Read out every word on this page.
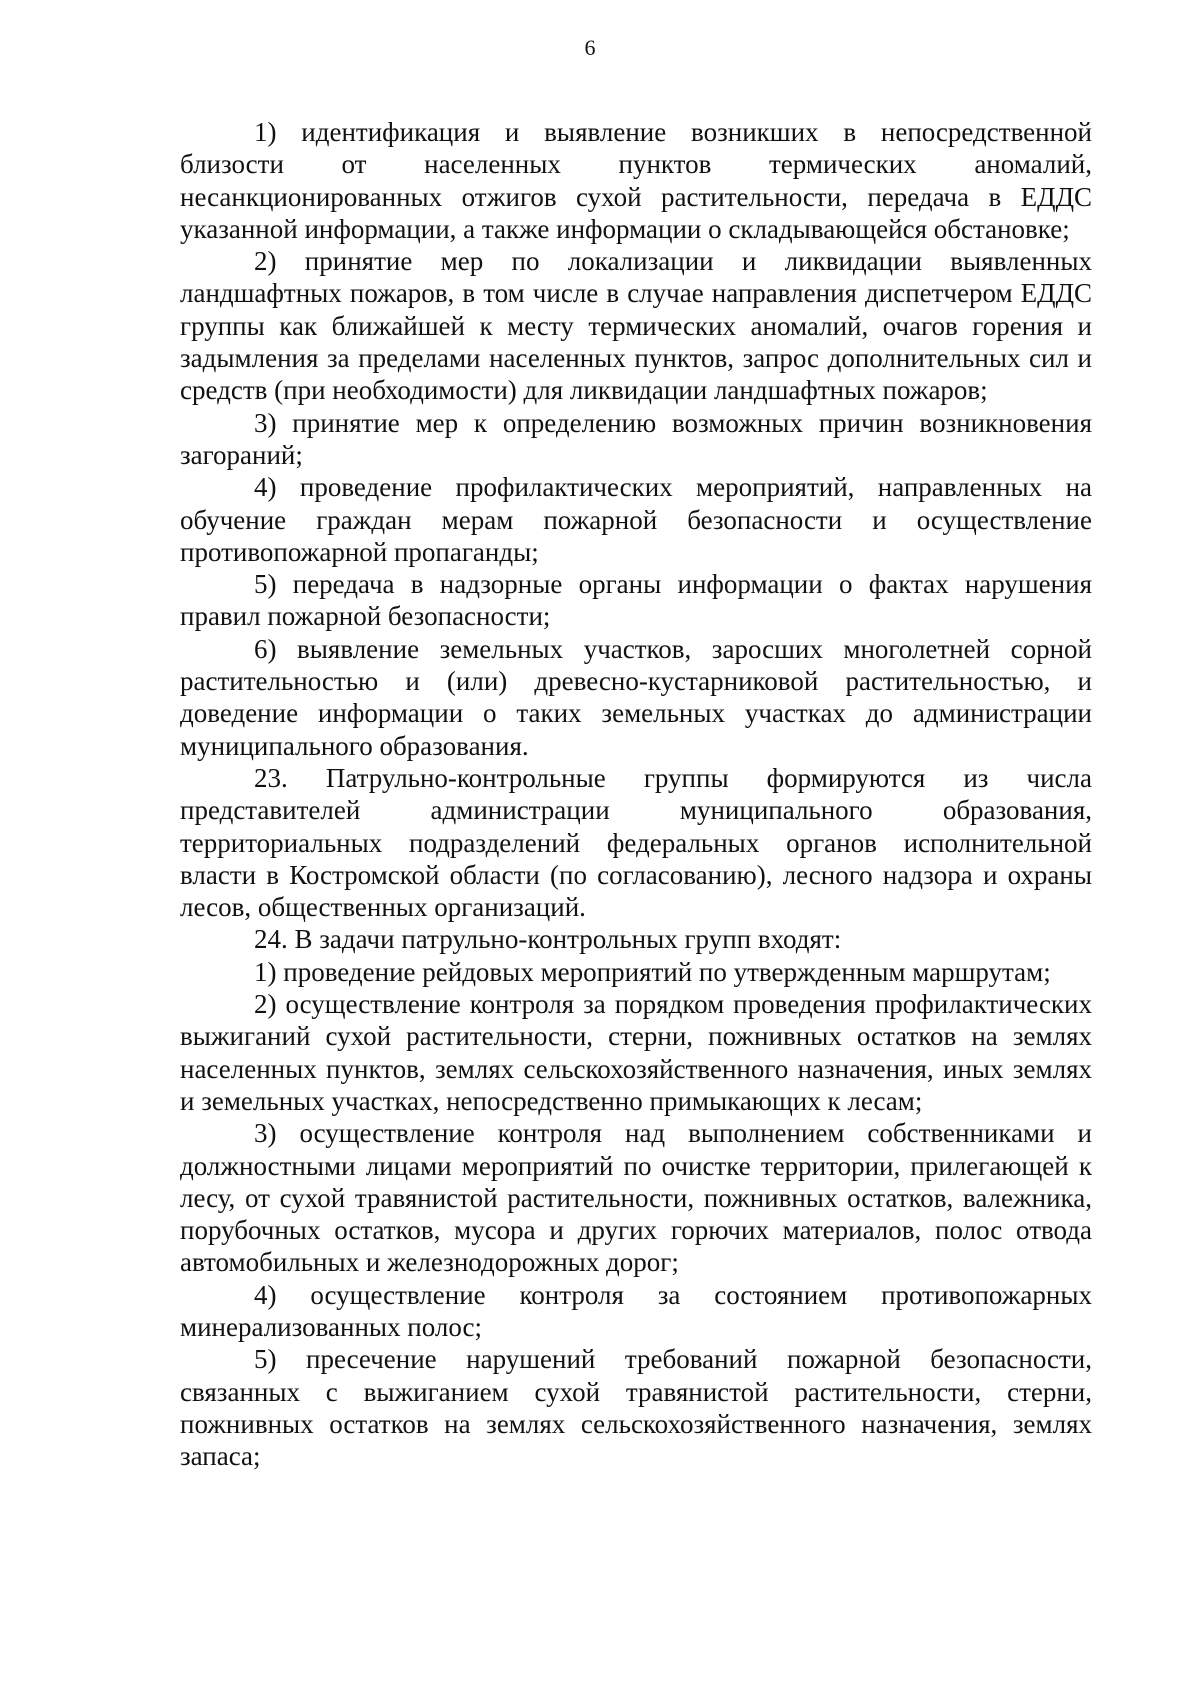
6

1) идентификация и выявление возникших в непосредственной близости от населенных пунктов термических аномалий, несанкционированных отжигов сухой растительности, передача в ЕДДС указанной информации, а также информации о складывающейся обстановке;

2) принятие мер по локализации и ликвидации выявленных ландшафтных пожаров, в том числе в случае направления диспетчером ЕДДС группы как ближайшей к месту термических аномалий, очагов горения и задымления за пределами населенных пунктов, запрос дополнительных сил и средств (при необходимости) для ликвидации ландшафтных пожаров;

3) принятие мер к определению возможных причин возникновения загораний;

4) проведение профилактических мероприятий, направленных на обучение граждан мерам пожарной безопасности и осуществление противопожарной пропаганды;

5) передача в надзорные органы информации о фактах нарушения правил пожарной безопасности;

6) выявление земельных участков, заросших многолетней сорной растительностью и (или) древесно-кустарниковой растительностью, и доведение информации о таких земельных участках до администрации муниципального образования.

23. Патрульно-контрольные группы формируются из числа представителей администрации муниципального образования, территориальных подразделений федеральных органов исполнительной власти в Костромской области (по согласованию), лесного надзора и охраны лесов, общественных организаций.

24. В задачи патрульно-контрольных групп входят:

1) проведение рейдовых мероприятий по утвержденным маршрутам;

2) осуществление контроля за порядком проведения профилактических выжиганий сухой растительности, стерни, пожнивных остатков на землях населенных пунктов, землях сельскохозяйственного назначения, иных землях и земельных участках, непосредственно примыкающих к лесам;

3) осуществление контроля над выполнением собственниками и должностными лицами мероприятий по очистке территории, прилегающей к лесу, от сухой травянистой растительности, пожнивных остатков, валежника, порубочных остатков, мусора и других горючих материалов, полос отвода автомобильных и железнодорожных дорог;

4) осуществление контроля за состоянием противопожарных минерализованных полос;

5) пресечение нарушений требований пожарной безопасности, связанных с выжиганием сухой травянистой растительности, стерни, пожнивных остатков на землях сельскохозяйственного назначения, землях запаса;
